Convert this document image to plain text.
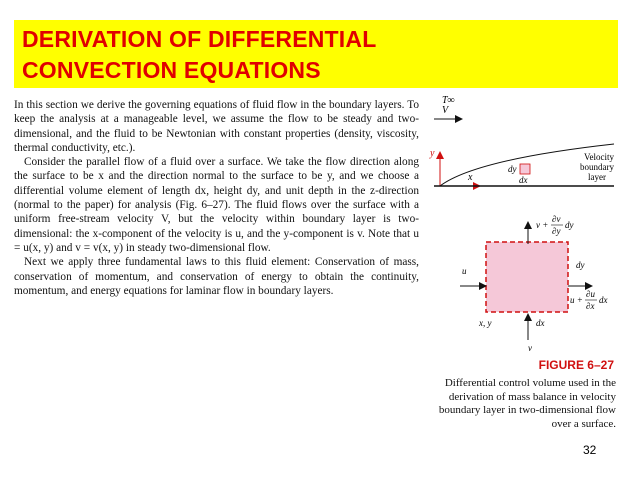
DERIVATION OF DIFFERENTIAL
CONVECTION EQUATIONS

In this section we derive the governing equations of fluid flow in the boundary layers. To keep the analysis at a manageable level, we assume the flow to be steady and two-dimensional, and the fluid to be Newtonian with constant properties (density, viscosity, thermal conductivity, etc.).

Consider the parallel flow of a fluid over a surface. We take the flow direction along the surface to be x and the direction normal to the surface to be y, and we choose a differential volume element of length dx, height dy, and unit depth in the z-direction (normal to the paper) for analysis (Fig. 6–27). The fluid flows over the surface with a uniform free-stream velocity V, but the velocity within boundary layer is two-dimensional: the x-component of the velocity is u, and the y-component is v. Note that u = u(x, y) and v = v(x, y) in steady two-dimensional flow.

Next we apply three fundamental laws to this fluid element: Conservation of mass, conservation of momentum, and conservation of energy to obtain the continuity, momentum, and energy equations for laminar flow in boundary layers.

T∞
V
y
x
dy
dx
Velocity
boundary
layer
v +
∂v
∂y
dy
dy
u
u +
∂u
∂x
dx
x, y	dx
v
FIGURE 6–27
Differential control volume used in the derivation of mass balance in velocity boundary layer in two-dimensional flow over a surface.
32
